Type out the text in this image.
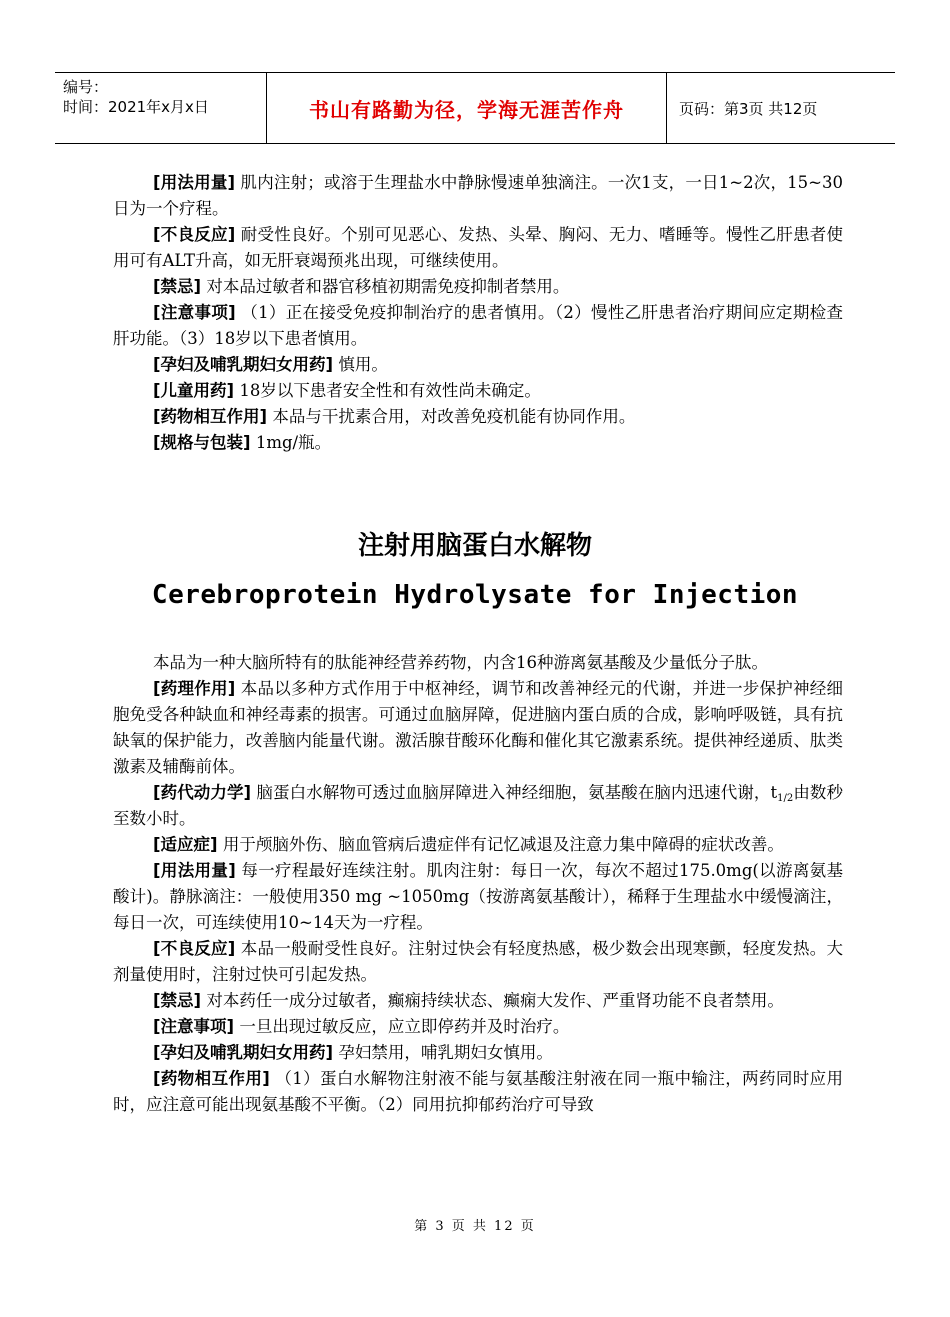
编号：
时间：2021年x月x日	书山有路勤为径，学海无涯苦作舟	页码：第3页 共12页

[用法用量] 肌内注射；或溶于生理盐水中静脉慢速单独滴注。一次1支，一日1~2次，15~30日为一个疗程。

[不良反应] 耐受性良好。个别可见恶心、发热、头晕、胸闷、无力、嗜睡等。慢性乙肝患者使用可有ALT升高，如无肝衰竭预兆出现，可继续使用。

[禁忌] 对本品过敏者和器官移植初期需免疫抑制者禁用。

[注意事项] （1）正在接受免疫抑制治疗的患者慎用。（2）慢性乙肝患者治疗期间应定期检查肝功能。（3）18岁以下患者慎用。

[孕妇及哺乳期妇女用药] 慎用。

[儿童用药] 18岁以下患者安全性和有效性尚未确定。

[药物相互作用] 本品与干扰素合用，对改善免疫机能有协同作用。

[规格与包装] 1mg/瓶。

注射用脑蛋白水解物
Cerebroprotein Hydrolysate for Injection

本品为一种大脑所特有的肽能神经营养药物，内含16种游离氨基酸及少量低分子肽。

[药理作用] 本品以多种方式作用于中枢神经，调节和改善神经元的代谢，并进一步保护神经细胞免受各种缺血和神经毒素的损害。可通过血脑屏障，促进脑内蛋白质的合成，影响呼吸链，具有抗缺氧的保护能力，改善脑内能量代谢。激活腺苷酸环化酶和催化其它激素系统。提供神经递质、肽类激素及辅酶前体。

[药代动力学] 脑蛋白水解物可透过血脑屏障进入神经细胞，氨基酸在脑内迅速代谢，$t_{1/2}$由数秒至数小时。

[适应症] 用于颅脑外伤、脑血管病后遗症伴有记忆减退及注意力集中障碍的症状改善。

[用法用量] 每一疗程最好连续注射。肌肉注射：每日一次，每次不超过175.0mg(以游离氨基酸计)。静脉滴注：一般使用350 mg ~1050mg（按游离氨基酸计），稀释于生理盐水中缓慢滴注，每日一次，可连续使用10~14天为一疗程。

[不良反应] 本品一般耐受性良好。注射过快会有轻度热感，极少数会出现寒颤，轻度发热。大剂量使用时，注射过快可引起发热。

[禁忌] 对本药任一成分过敏者，癫痫持续状态、癫痫大发作、严重肾功能不良者禁用。

[注意事项] 一旦出现过敏反应，应立即停药并及时治疗。

[孕妇及哺乳期妇女用药] 孕妇禁用，哺乳期妇女慎用。

[药物相互作用] （1）蛋白水解物注射液不能与氨基酸注射液在同一瓶中输注，两药同时应用时，应注意可能出现氨基酸不平衡。（2）同用抗抑郁药治疗可导致

第 3 页 共 12 页
